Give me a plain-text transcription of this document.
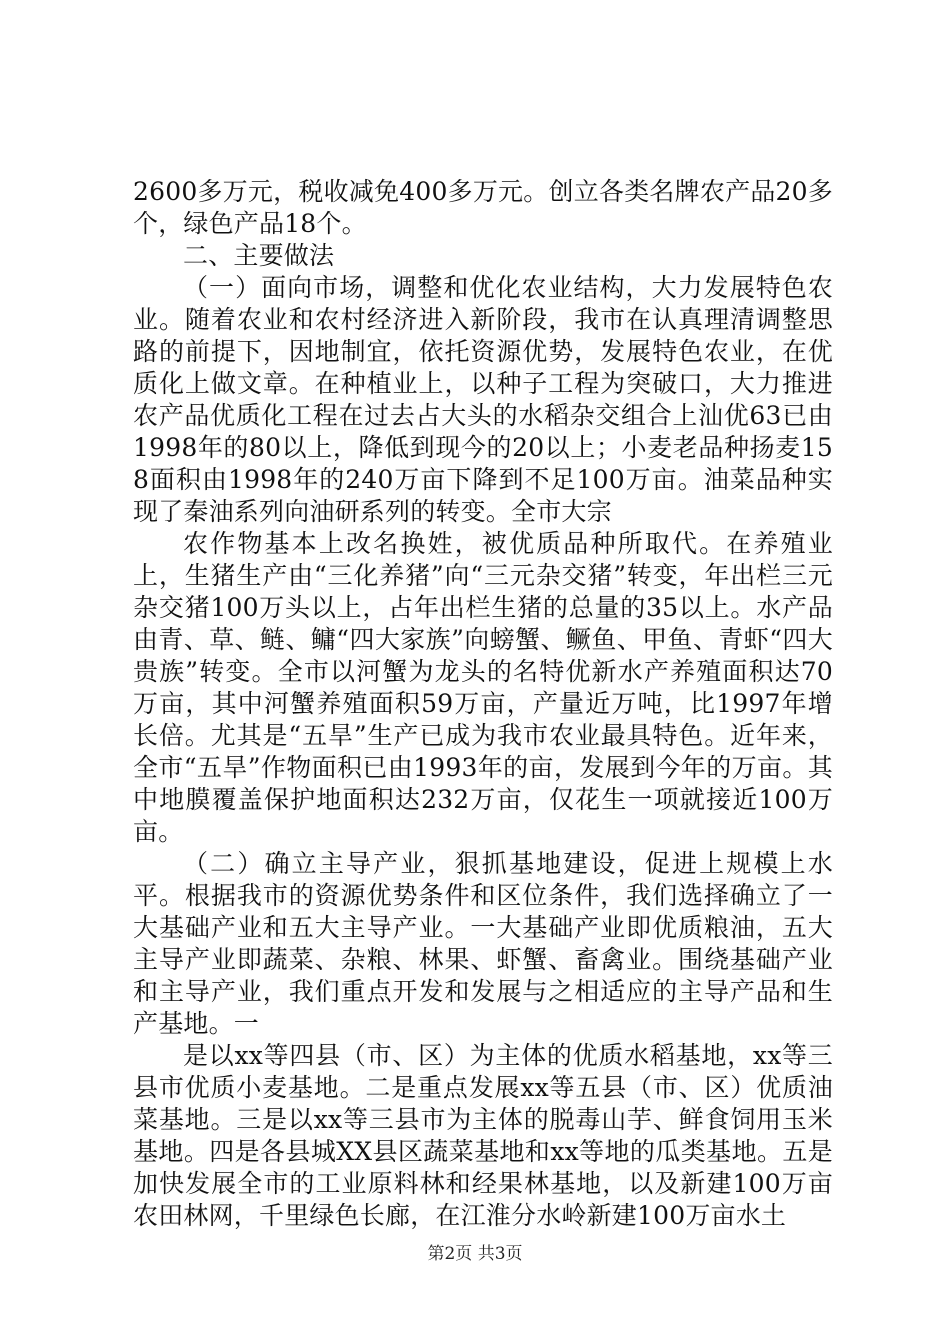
2600多万元，税收减免400多万元。创立各类名牌农产品20多个，绿色产品18个。

二、主要做法

（一）面向市场，调整和优化农业结构，大力发展特色农业。随着农业和农村经济进入新阶段，我市在认真理清调整思路的前提下，因地制宜，依托资源优势，发展特色农业，在优质化上做文章。在种植业上，以种子工程为突破口，大力推进农产品优质化工程在过去占大头的水稻杂交组合上汕优63已由1998年的80以上，降低到现今的20以上；小麦老品种扬麦158面积由1998年的240万亩下降到不足100万亩。油菜品种实现了秦油系列向油研系列的转变。全市大宗

农作物基本上改名换姓，被优质品种所取代。在养殖业上，生猪生产由“三化养猪”向“三元杂交猪”转变，年出栏三元杂交猪100万头以上，占年出栏生猪的总量的35以上。水产品由青、草、鲢、鳙“四大家族”向螃蟹、鳜鱼、甲鱼、青虾“四大贵族”转变。全市以河蟹为龙头的名特优新水产养殖面积达70万亩，其中河蟹养殖面积59万亩，产量近万吨，比1997年增长倍。尤其是“五旱”生产已成为我市农业最具特色。近年来，全市“五旱”作物面积已由1993年的亩，发展到今年的万亩。其中地膜覆盖保护地面积达232万亩，仅花生一项就接近100万亩。

（二）确立主导产业，狠抓基地建设，促进上规模上水平。根据我市的资源优势条件和区位条件，我们选择确立了一大基础产业和五大主导产业。一大基础产业即优质粮油，五大主导产业即蔬菜、杂粮、林果、虾蟹、畜禽业。围绕基础产业和主导产业，我们重点开发和发展与之相适应的主导产品和生产基地。一

是以xx等四县（市、区）为主体的优质水稻基地，xx等三县市优质小麦基地。二是重点发展xx等五县（市、区）优质油菜基地。三是以xx等三县市为主体的脱毒山芋、鲜食饲用玉米基地。四是各县城XX县区蔬菜基地和xx等地的瓜类基地。五是加快发展全市的工业原料林和经果林基地，以及新建100万亩农田林网，千里绿色长廊，在江淮分水岭新建100万亩水土

第2页 共3页
